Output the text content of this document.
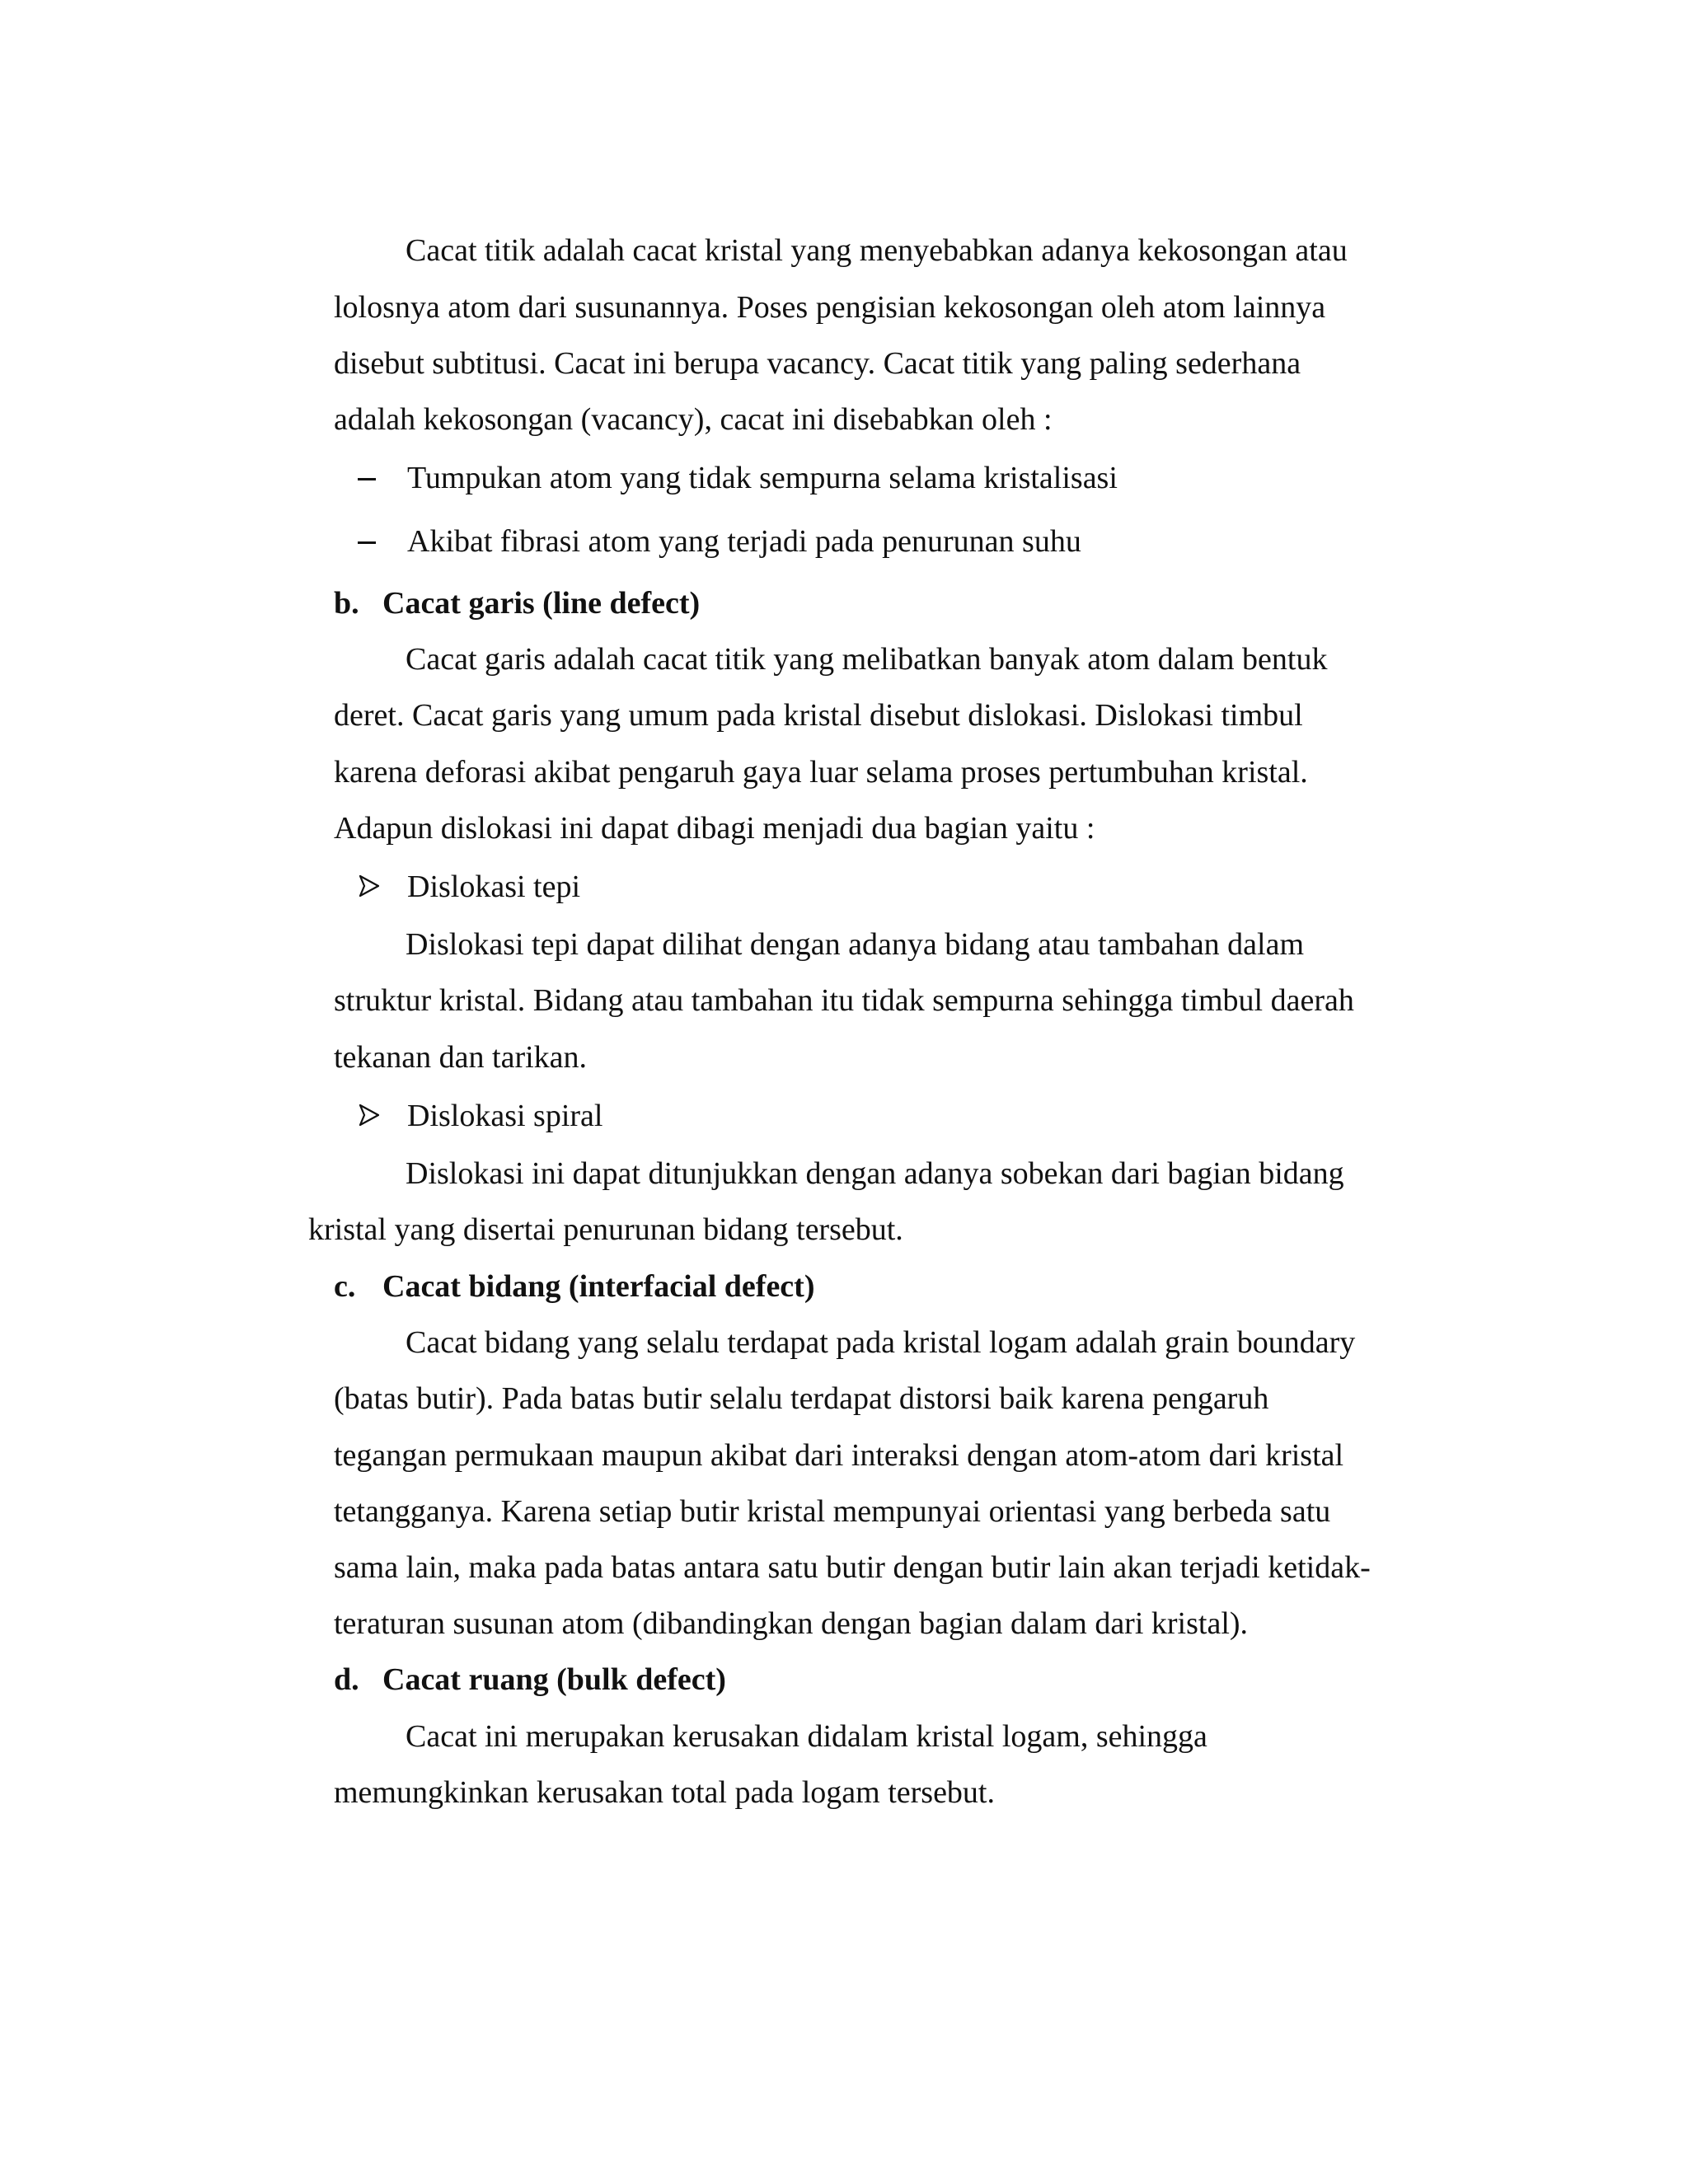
Cacat titik adalah cacat kristal yang menyebabkan adanya kekosongan atau

lolosnya atom dari susunannya. Poses pengisian kekosongan oleh atom lainnya

disebut subtitusi. Cacat ini berupa vacancy. Cacat titik yang paling sederhana

adalah kekosongan (vacancy), cacat ini disebabkan oleh :

Tumpukan atom yang tidak sempurna selama kristalisasi

Akibat fibrasi atom yang terjadi pada penurunan suhu

b. Cacat garis (line defect)

Cacat garis adalah cacat titik yang melibatkan banyak atom dalam bentuk

deret. Cacat garis yang umum pada kristal disebut dislokasi. Dislokasi timbul

karena deforasi akibat pengaruh gaya luar selama proses pertumbuhan kristal.

Adapun dislokasi ini dapat dibagi menjadi dua bagian yaitu :

Dislokasi tepi

Dislokasi tepi dapat dilihat dengan adanya bidang atau tambahan dalam

struktur kristal. Bidang atau tambahan itu tidak sempurna sehingga timbul daerah

tekanan dan tarikan.

Dislokasi spiral

Dislokasi ini dapat ditunjukkan dengan adanya sobekan dari bagian bidang

kristal yang disertai penurunan bidang tersebut.

c. Cacat bidang (interfacial defect)

Cacat bidang yang selalu terdapat pada kristal logam adalah grain boundary

(batas butir). Pada batas butir selalu terdapat distorsi baik karena pengaruh

tegangan permukaan maupun akibat dari interaksi dengan atom-atom dari kristal

tetangganya. Karena setiap butir kristal mempunyai orientasi yang berbeda satu

sama lain, maka pada batas antara satu butir dengan butir lain akan terjadi ketidak-

teraturan susunan atom (dibandingkan dengan bagian dalam dari kristal).

d. Cacat ruang (bulk defect)

Cacat ini merupakan kerusakan didalam kristal logam, sehingga

memungkinkan kerusakan total pada logam tersebut.
